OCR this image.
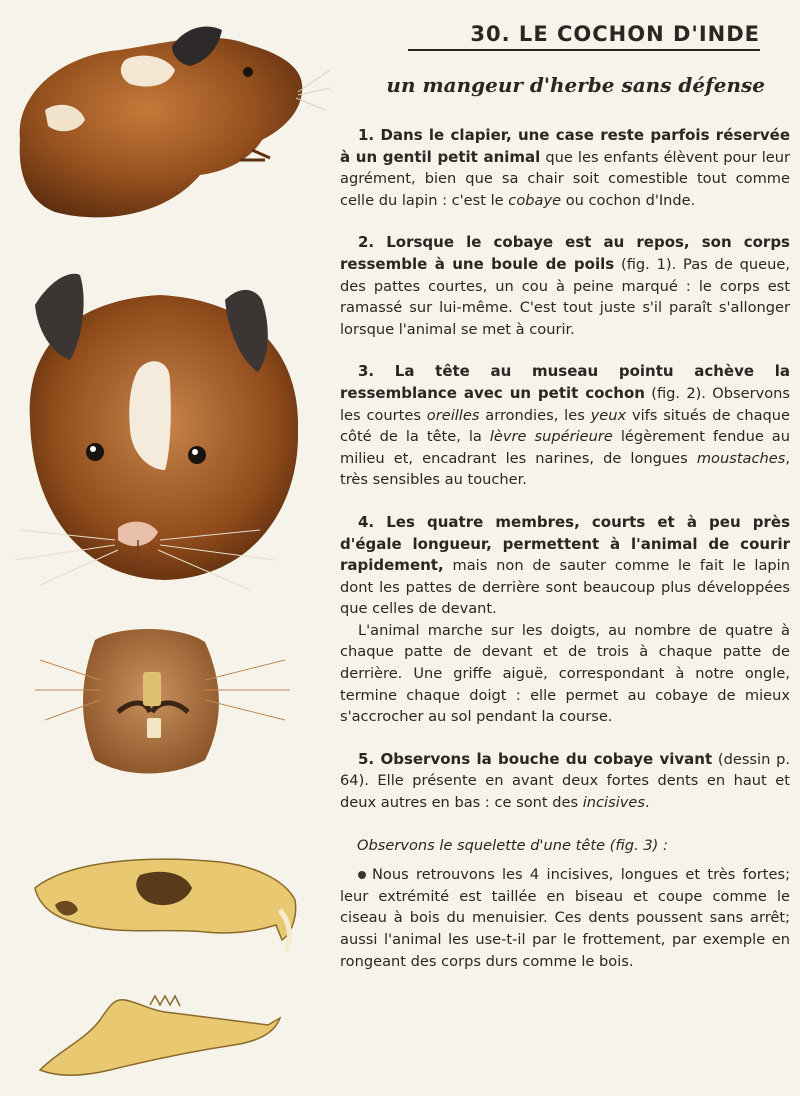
30. LE COCHON D'INDE
un mangeur d'herbe sans défense

1. Dans le clapier, une case reste parfois réservée à un gentil petit animal que les enfants élèvent pour leur agrément, bien que sa chair soit comestible tout comme celle du lapin : c'est le cobaye ou cochon d'Inde.

2. Lorsque le cobaye est au repos, son corps ressemble à une boule de poils (fig. 1). Pas de queue, des pattes courtes, un cou à peine marqué : le corps est ramassé sur lui-même. C'est tout juste s'il paraît s'allonger lorsque l'animal se met à courir.

3. La tête au museau pointu achève la ressemblance avec un petit cochon (fig. 2). Observons les courtes oreilles arrondies, les yeux vifs situés de chaque côté de la tête, la lèvre supérieure légèrement fendue au milieu et, encadrant les narines, de longues moustaches, très sensibles au toucher.

4. Les quatre membres, courts et à peu près d'égale longueur, permettent à l'animal de courir rapidement, mais non de sauter comme le fait le lapin dont les pattes de derrière sont beaucoup plus développées que celles de devant.

L'animal marche sur les doigts, au nombre de quatre à chaque patte de devant et de trois à chaque patte de derrière. Une griffe aiguë, correspondant à notre ongle, termine chaque doigt : elle permet au cobaye de mieux s'accrocher au sol pendant la course.

5. Observons la bouche du cobaye vivant (dessin p. 64). Elle présente en avant deux fortes dents en haut et deux autres en bas : ce sont des incisives.

Observons le squelette d'une tête (fig. 3) :

Nous retrouvons les 4 incisives, longues et très fortes; leur extrémité est taillée en biseau et coupe comme le ciseau à bois du menuisier. Ces dents poussent sans arrêt; aussi l'animal les use-t-il par le frottement, par exemple en rongeant des corps durs comme le bois.
